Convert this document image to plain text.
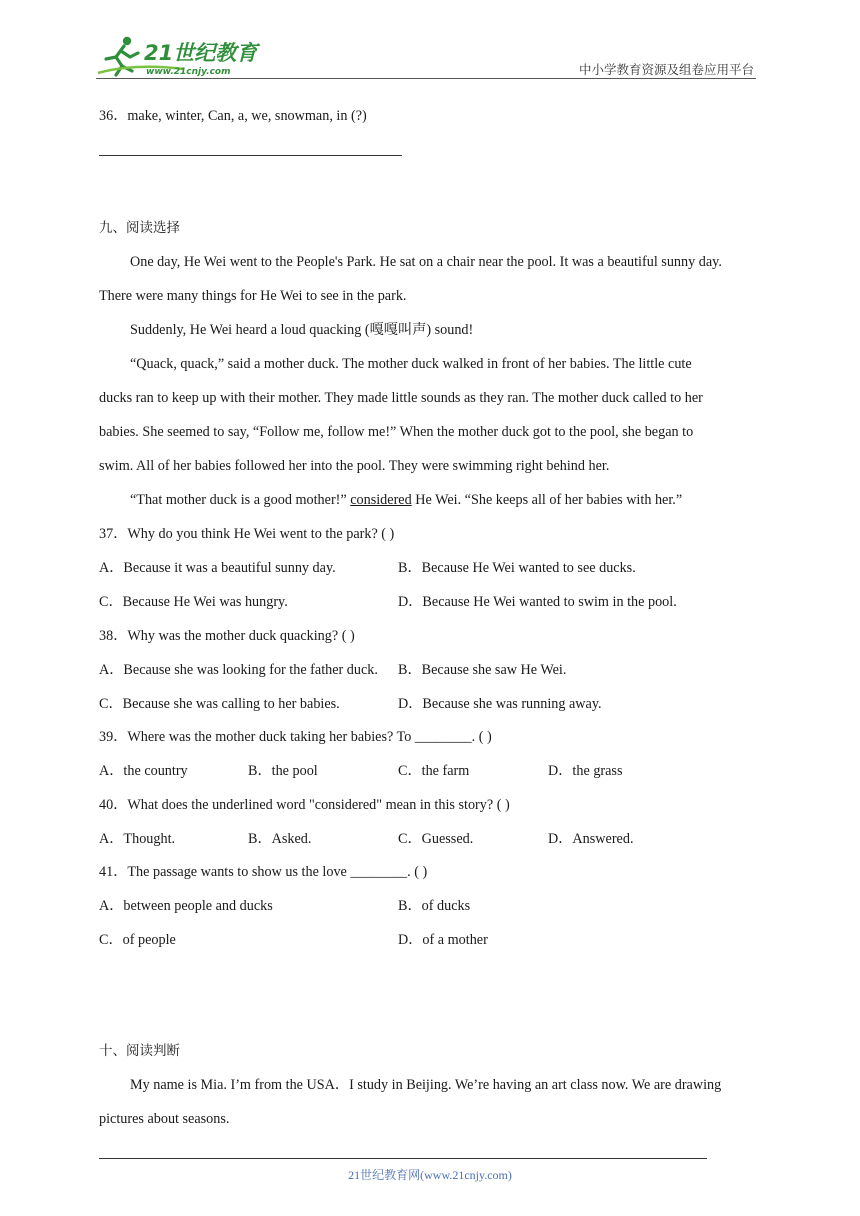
21世纪教育
www.21cnjy.com	中小学教育资源及组卷应用平台
36．make, winter, Can, a, we, snowman, in (?)
九、阅读选择
One day, He Wei went to the People's Park. He sat on a chair near the pool. It was a beautiful sunny day.
There were many things for He Wei to see in the park.
Suddenly, He Wei heard a loud quacking (嘎嘎叫声) sound!
“Quack, quack,” said a mother duck. The mother duck walked in front of her babies. The little cute
ducks ran to keep up with their mother. They made little sounds as they ran. The mother duck called to her
babies. She seemed to say, “Follow me, follow me!” When the mother duck got to the pool, she began to
swim. All of her babies followed her into the pool. They were swimming right behind her.
“That mother duck is a good mother!” considered He Wei. “She keeps all of her babies with her.”
37．Why do you think He Wei went to the park? ( )
A．Because it was a beautiful sunny day.	B．Because He Wei wanted to see ducks.
C．Because He Wei was hungry.	D．Because He Wei wanted to swim in the pool.
38．Why was the mother duck quacking? ( )
A．Because she was looking for the father duck. B．Because she saw He Wei.
C．Because she was calling to her babies.	D．Because she was running away.
39．Where was the mother duck taking her babies? To ________. ( )
A．the country	B．the pool	C．the farm	D．the grass
40．What does the underlined word "considered" mean in this story? ( )
A．Thought.	B．Asked.	C．Guessed.	D．Answered.
41．The passage wants to show us the love ________. ( )
A．between people and ducks	B．of ducks
C．of people	D．of a mother
十、阅读判断
My name is Mia. I’m from the USA．I study in Beijing. We’re having an art class now. We are drawing
pictures about seasons.
21世纪教育网(www.21cnjy.com)
